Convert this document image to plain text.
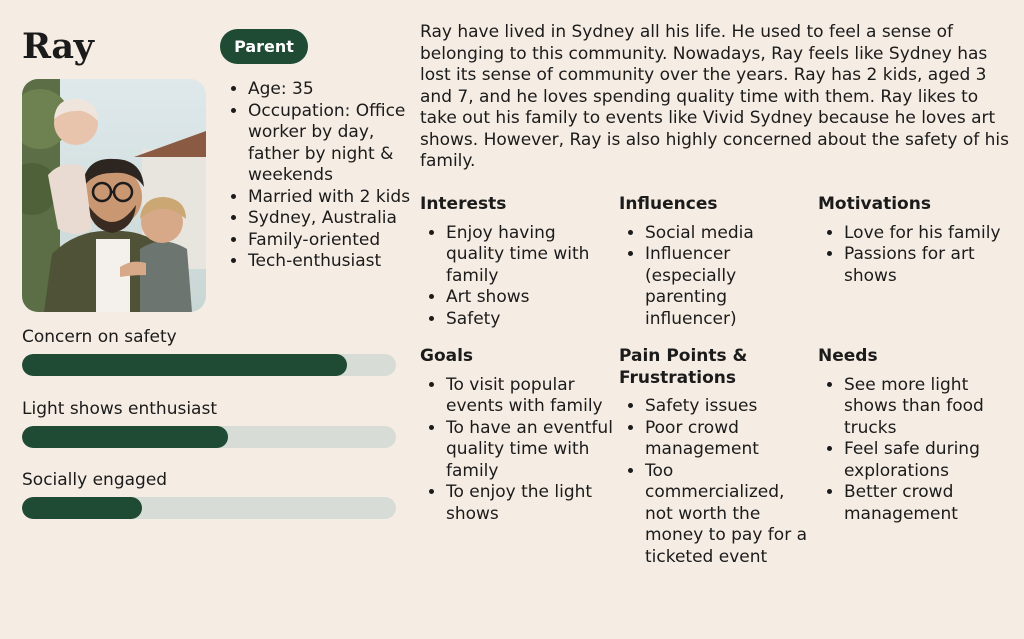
Ray	Parent
• Age: 35
• Occupation: Office worker by day, father by night & weekends
• Married with 2 kids
• Sydney, Australia
• Family-oriented
• Tech-enthusiast
Concern on safety
Light shows enthusiast
Socially engaged

Ray have lived in Sydney all his life. He used to feel a sense of belonging to this community. Nowadays, Ray feels like Sydney has lost its sense of community over the years. Ray has 2 kids, aged 3 and 7, and he loves spending quality time with them. Ray likes to take out his family to events like Vivid Sydney because he loves art shows. However, Ray is also highly concerned about the safety of his family.

Interests
• Enjoy having quality time with family
• Art shows
• Safety
Influences
• Social media
• Influencer (especially parenting influencer)
Motivations
• Love for his family
• Passions for art shows
Goals
• To visit popular events with family
• To have an eventful quality time with family
• To enjoy the light shows
Pain Points & Frustrations
• Safety issues
• Poor crowd management
• Too commercialized, not worth the money to pay for a ticketed event
Needs
• See more light shows than food trucks
• Feel safe during explorations
• Better crowd management
